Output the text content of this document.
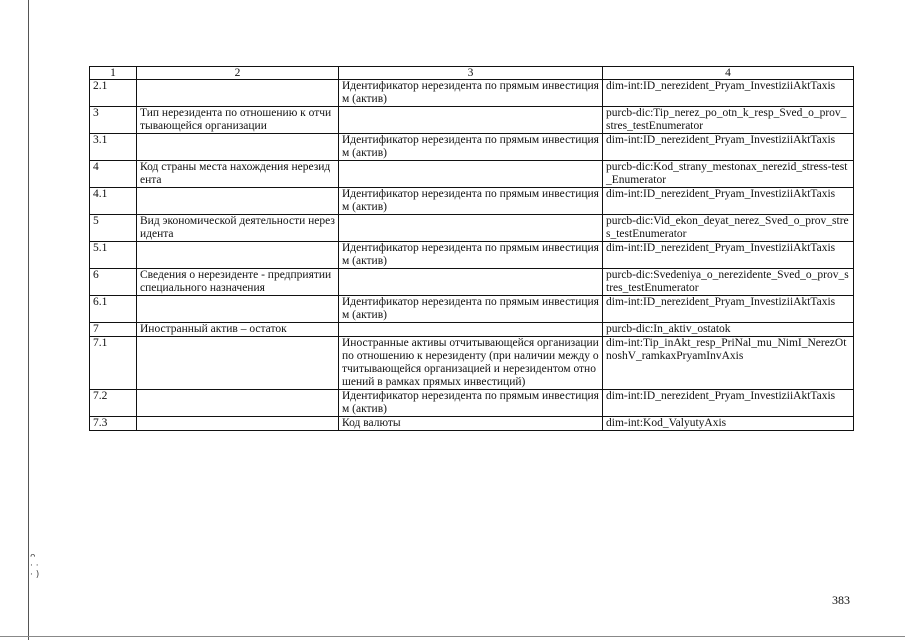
1	2	3	4
2.1		Идентификатор нерезидента по прямым инвестициям (актив)	dim-int:ID_nerezident_Pryam_InvestiziiAktTaxis
3	Тип нерезидента по отношению к отчитывающейся организации		purcb-dic:Tip_nerez_po_otn_k_resp_Sved_o_prov_stres_testEnumerator
3.1		Идентификатор нерезидента по прямым инвестициям (актив)	dim-int:ID_nerezident_Pryam_InvestiziiAktTaxis
4	Код страны места нахождения нерезидента		purcb-dic:Kod_strany_mestonax_nerezid_stress-test_Enumerator
4.1		Идентификатор нерезидента по прямым инвестициям (актив)	dim-int:ID_nerezident_Pryam_InvestiziiAktTaxis
5	Вид экономической деятельности нерезидента		purcb-dic:Vid_ekon_deyat_nerez_Sved_o_prov_stres_testEnumerator
5.1		Идентификатор нерезидента по прямым инвестициям (актив)	dim-int:ID_nerezident_Pryam_InvestiziiAktTaxis
6	Сведения о нерезиденте - предприятии специального назначения		purcb-dic:Svedeniya_o_nerezidente_Sved_o_prov_stres_testEnumerator
6.1		Идентификатор нерезидента по прямым инвестициям (актив)	dim-int:ID_nerezident_Pryam_InvestiziiAktTaxis
7	Иностранный актив – остаток		purcb-dic:In_aktiv_ostatok
7.1		Иностранные активы отчитывающейся организации по отношению к нерезиденту (при наличии между отчитывающейся организацией и нерезидентом отношений в рамках прямых инвестиций)	dim-int:Tip_inAkt_resp_PriNal_mu_NimI_NerezOtnoshV_ramkaxPryamInvAxis
7.2		Идентификатор нерезидента по прямым инвестициям (актив)	dim-int:ID_nerezident_Pryam_InvestiziiAktTaxis
7.3		Код валюты	dim-int:Kod_ValyutyAxis
ᴖ
· ·
· )
383
